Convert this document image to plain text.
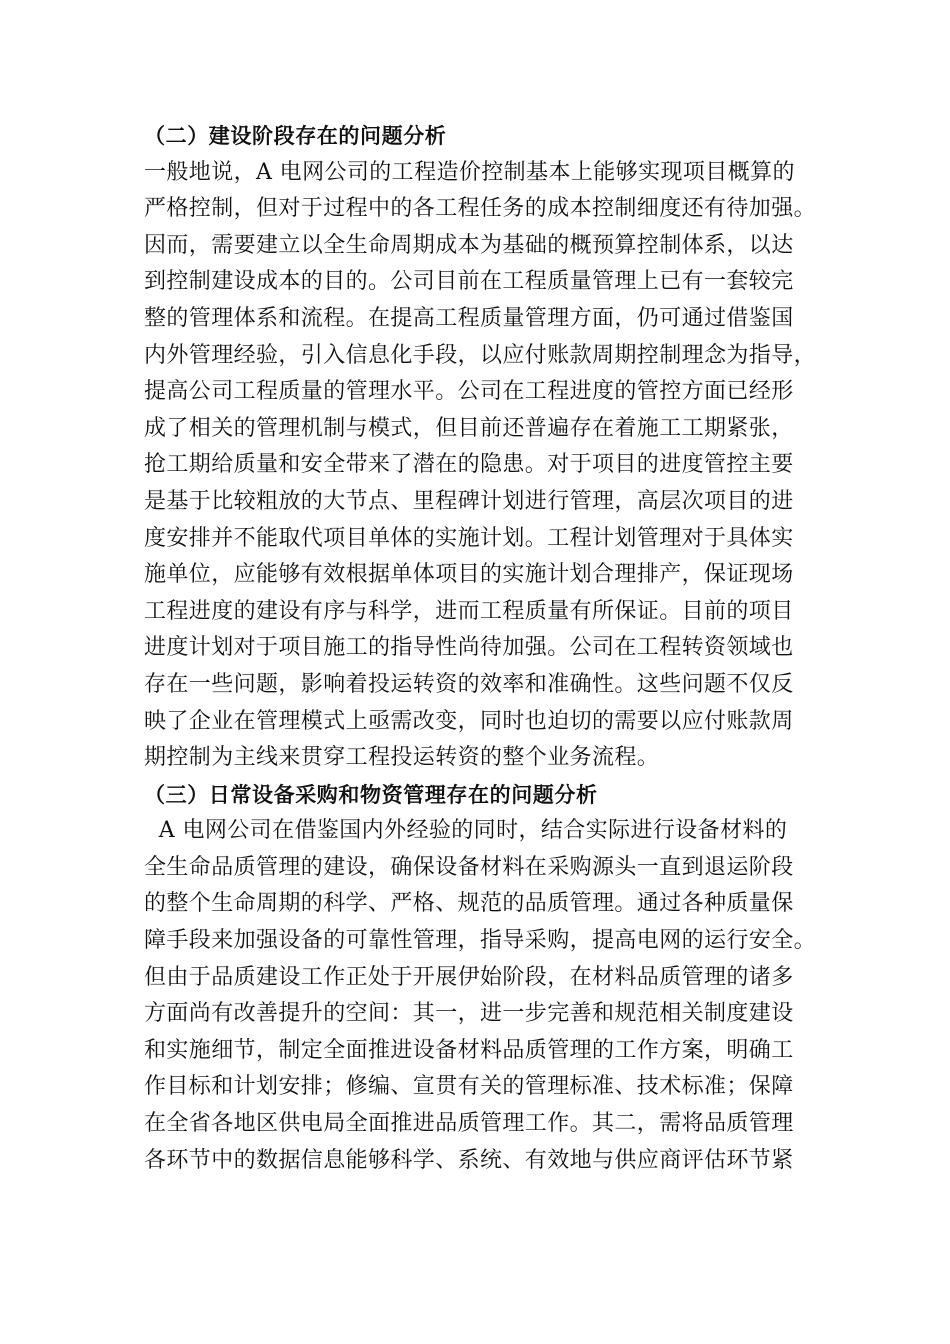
（二）建设阶段存在的问题分析
一般地说，A 电网公司的工程造价控制基本上能够实现项目概算的
严格控制，但对于过程中的各工程任务的成本控制细度还有待加强。
因而，需要建立以全生命周期成本为基础的概预算控制体系，以达
到控制建设成本的目的。公司目前在工程质量管理上已有一套较完
整的管理体系和流程。在提高工程质量管理方面，仍可通过借鉴国
内外管理经验，引入信息化手段，以应付账款周期控制理念为指导，
提高公司工程质量的管理水平。公司在工程进度的管控方面已经形
成了相关的管理机制与模式，但目前还普遍存在着施工工期紧张，
抢工期给质量和安全带来了潜在的隐患。对于项目的进度管控主要
是基于比较粗放的大节点、里程碑计划进行管理，高层次项目的进
度安排并不能取代项目单体的实施计划。工程计划管理对于具体实
施单位，应能够有效根据单体项目的实施计划合理排产，保证现场
工程进度的建设有序与科学，进而工程质量有所保证。目前的项目
进度计划对于项目施工的指导性尚待加强。公司在工程转资领域也
存在一些问题，影响着投运转资的效率和准确性。这些问题不仅反
映了企业在管理模式上亟需改变，同时也迫切的需要以应付账款周
期控制为主线来贯穿工程投运转资的整个业务流程。
（三）日常设备采购和物资管理存在的问题分析
A 电网公司在借鉴国内外经验的同时，结合实际进行设备材料的
全生命品质管理的建设，确保设备材料在采购源头一直到退运阶段
的整个生命周期的科学、严格、规范的品质管理。通过各种质量保
障手段来加强设备的可靠性管理，指导采购，提高电网的运行安全。
但由于品质建设工作正处于开展伊始阶段，在材料品质管理的诸多
方面尚有改善提升的空间：其一，进一步完善和规范相关制度建设
和实施细节，制定全面推进设备材料品质管理的工作方案，明确工
作目标和计划安排；修编、宣贯有关的管理标准、技术标准；保障
在全省各地区供电局全面推进品质管理工作。其二，需将品质管理
各环节中的数据信息能够科学、系统、有效地与供应商评估环节紧
